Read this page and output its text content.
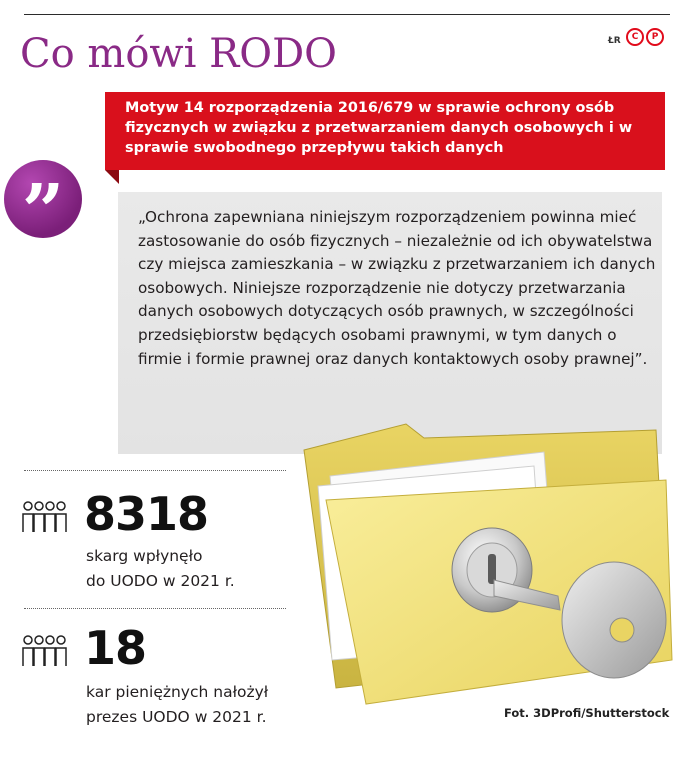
Co mówi RODO	ŁR	C	P
Motyw 14 rozporządzenia 2016/679 w sprawie ochrony osób fizycznych w związku z przetwarzaniem danych osobowych i w sprawie swobodnego przepływu takich danych
”	„Ochrona zapewniana niniejszym rozporządzeniem powinna mieć zastosowanie do osób fizycznych – niezależnie od ich obywatelstwa czy miejsca zamieszkania – w związku z przetwarzaniem ich danych osobowych. Niniejsze rozporządzenie nie dotyczy przetwarzania danych osobowych dotyczących osób prawnych, w szczególności przedsiębiorstw będących osobami prawnymi, w tym danych o firmie i formie prawnej oraz danych kontaktowych osoby prawnej”.

8318
skarg wpłynęło
do UODO w 2021 r.
18
kar pieniężnych nałożył
prezes UODO w 2021 r.	Fot. 3DProfi/Shutterstock
